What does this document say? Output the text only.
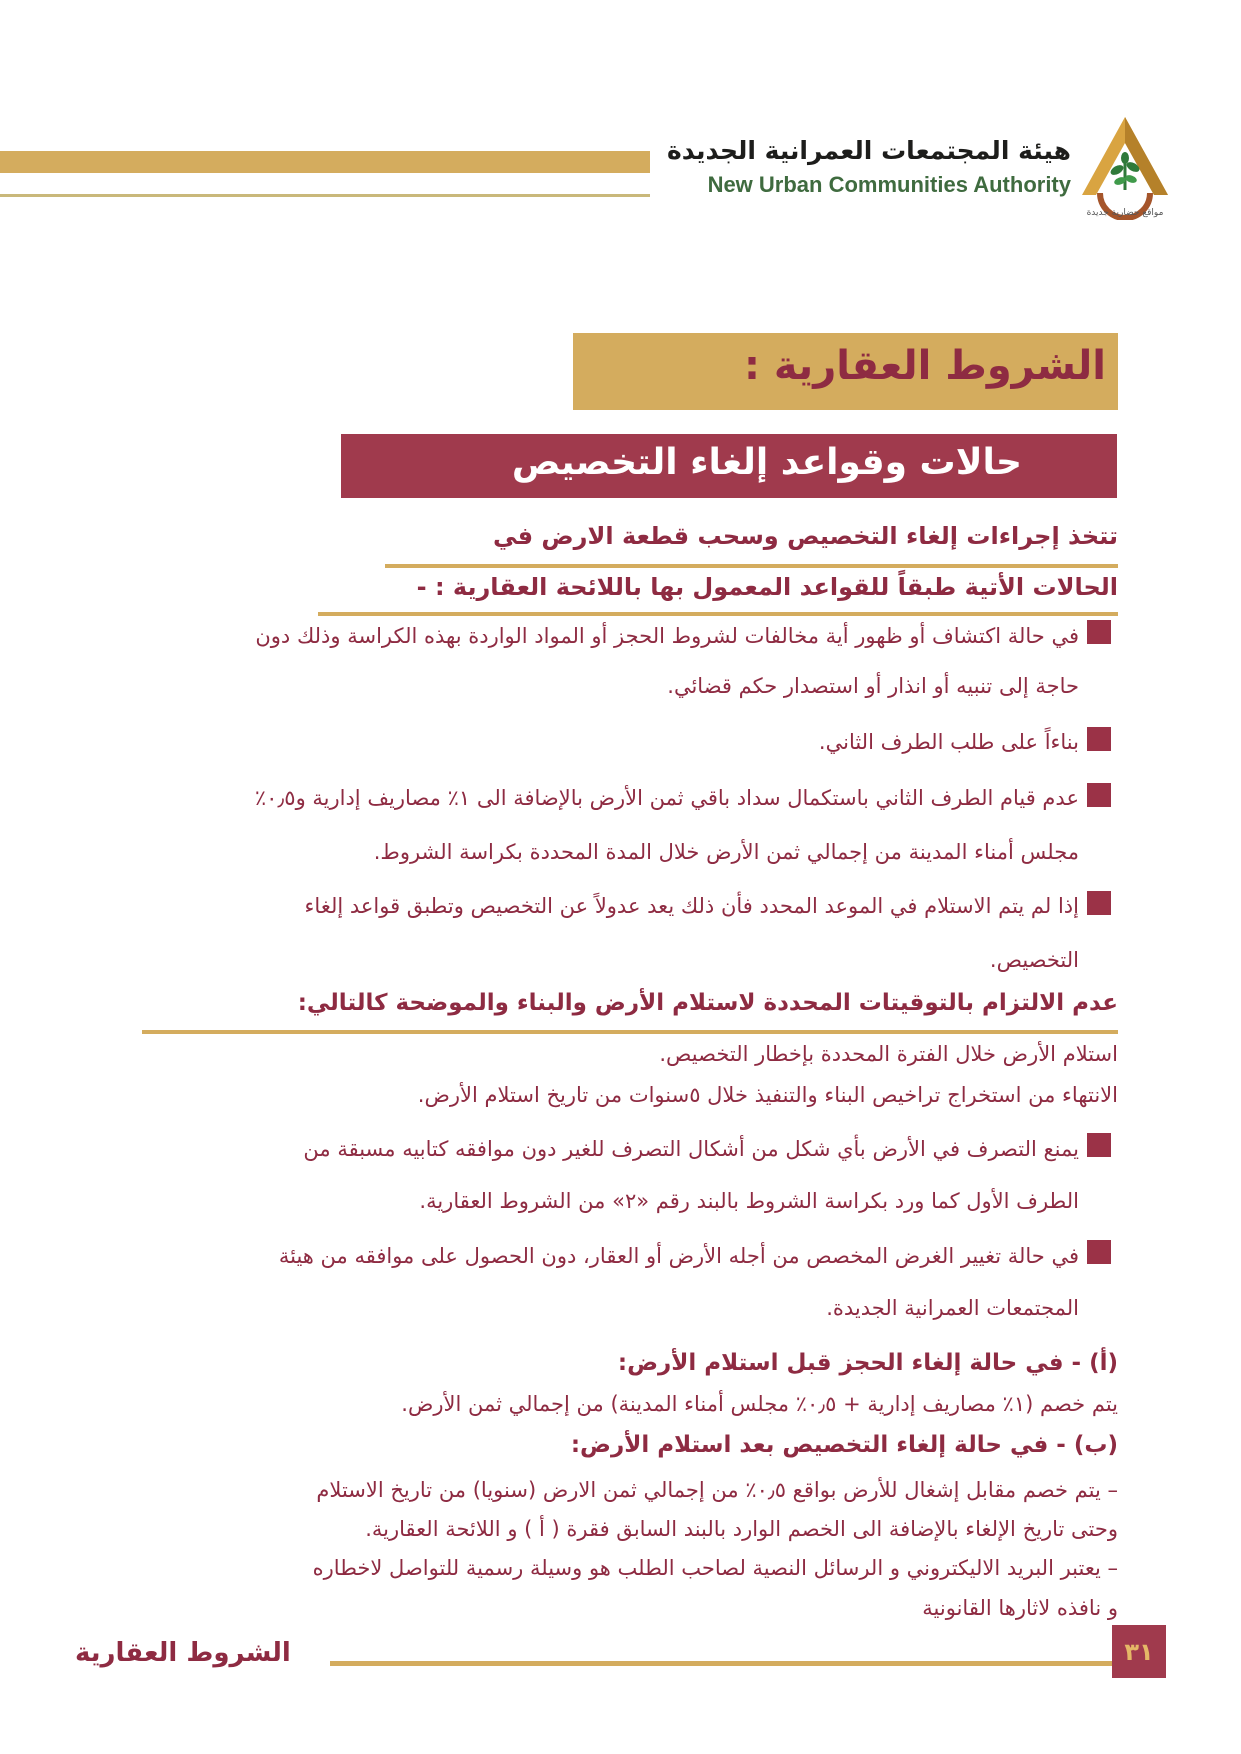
هيئة المجتمعات العمرانية الجديدة
New Urban Communities Authority
مواقع حضارية جديدة
الشروط العقارية :
حالات وقواعد إلغاء التخصيص
تتخذ إجراءات إلغاء التخصيص وسحب قطعة الارض في
الحالات الأتية طبقاً للقواعد المعمول بها باللائحة العقارية : -
في حالة اكتشاف أو ظهور أية مخالفات لشروط الحجز أو المواد الواردة بهذه الكراسة وذلك دون
حاجة إلى تنبيه أو انذار أو استصدار حكم قضائي.
بناءاً على طلب الطرف الثاني.
عدم قيام الطرف الثاني باستكمال سداد باقي ثمن الأرض بالإضافة الى ١٪ مصاريف إدارية و٠٫٥٪
مجلس أمناء المدينة من إجمالي ثمن الأرض خلال المدة المحددة بكراسة الشروط.
إذا لم يتم الاستلام في الموعد المحدد فأن ذلك يعد عدولاً عن التخصيص وتطبق قواعد إلغاء
التخصيص.
عدم الالتزام بالتوقيتات المحددة لاستلام الأرض والبناء والموضحة كالتالي:
استلام الأرض خلال الفترة المحددة بإخطار التخصيص.
الانتهاء من استخراج تراخيص البناء والتنفيذ خلال ٥سنوات من تاريخ استلام الأرض.
يمنع التصرف في الأرض بأي شكل من أشكال التصرف للغير دون موافقه كتابيه مسبقة من
الطرف الأول كما ورد بكراسة الشروط بالبند رقم «٢» من الشروط العقارية.
في حالة تغيير الغرض المخصص من أجله الأرض أو العقار، دون الحصول على موافقه من هيئة
المجتمعات العمرانية الجديدة.
(أ) - في حالة إلغاء الحجز قبل استلام الأرض:
يتم خصم (١٪ مصاريف إدارية + ٠٫٥٪ مجلس أمناء المدينة) من إجمالي ثمن الأرض.
(ب) - في حالة إلغاء التخصيص بعد استلام الأرض:
– يتم خصم مقابل إشغال للأرض بواقع ٠٫٥٪ من إجمالي ثمن الارض (سنويا) من تاريخ الاستلام
وحتى تاريخ الإلغاء بالإضافة الى الخصم الوارد بالبند السابق فقرة ( أ ) و اللائحة العقارية.
– يعتبر البريد الاليكتروني و الرسائل النصية لصاحب الطلب هو وسيلة رسمية للتواصل لاخطاره
و نافذه لاثارها القانونية
الشروط العقارية	٣١
